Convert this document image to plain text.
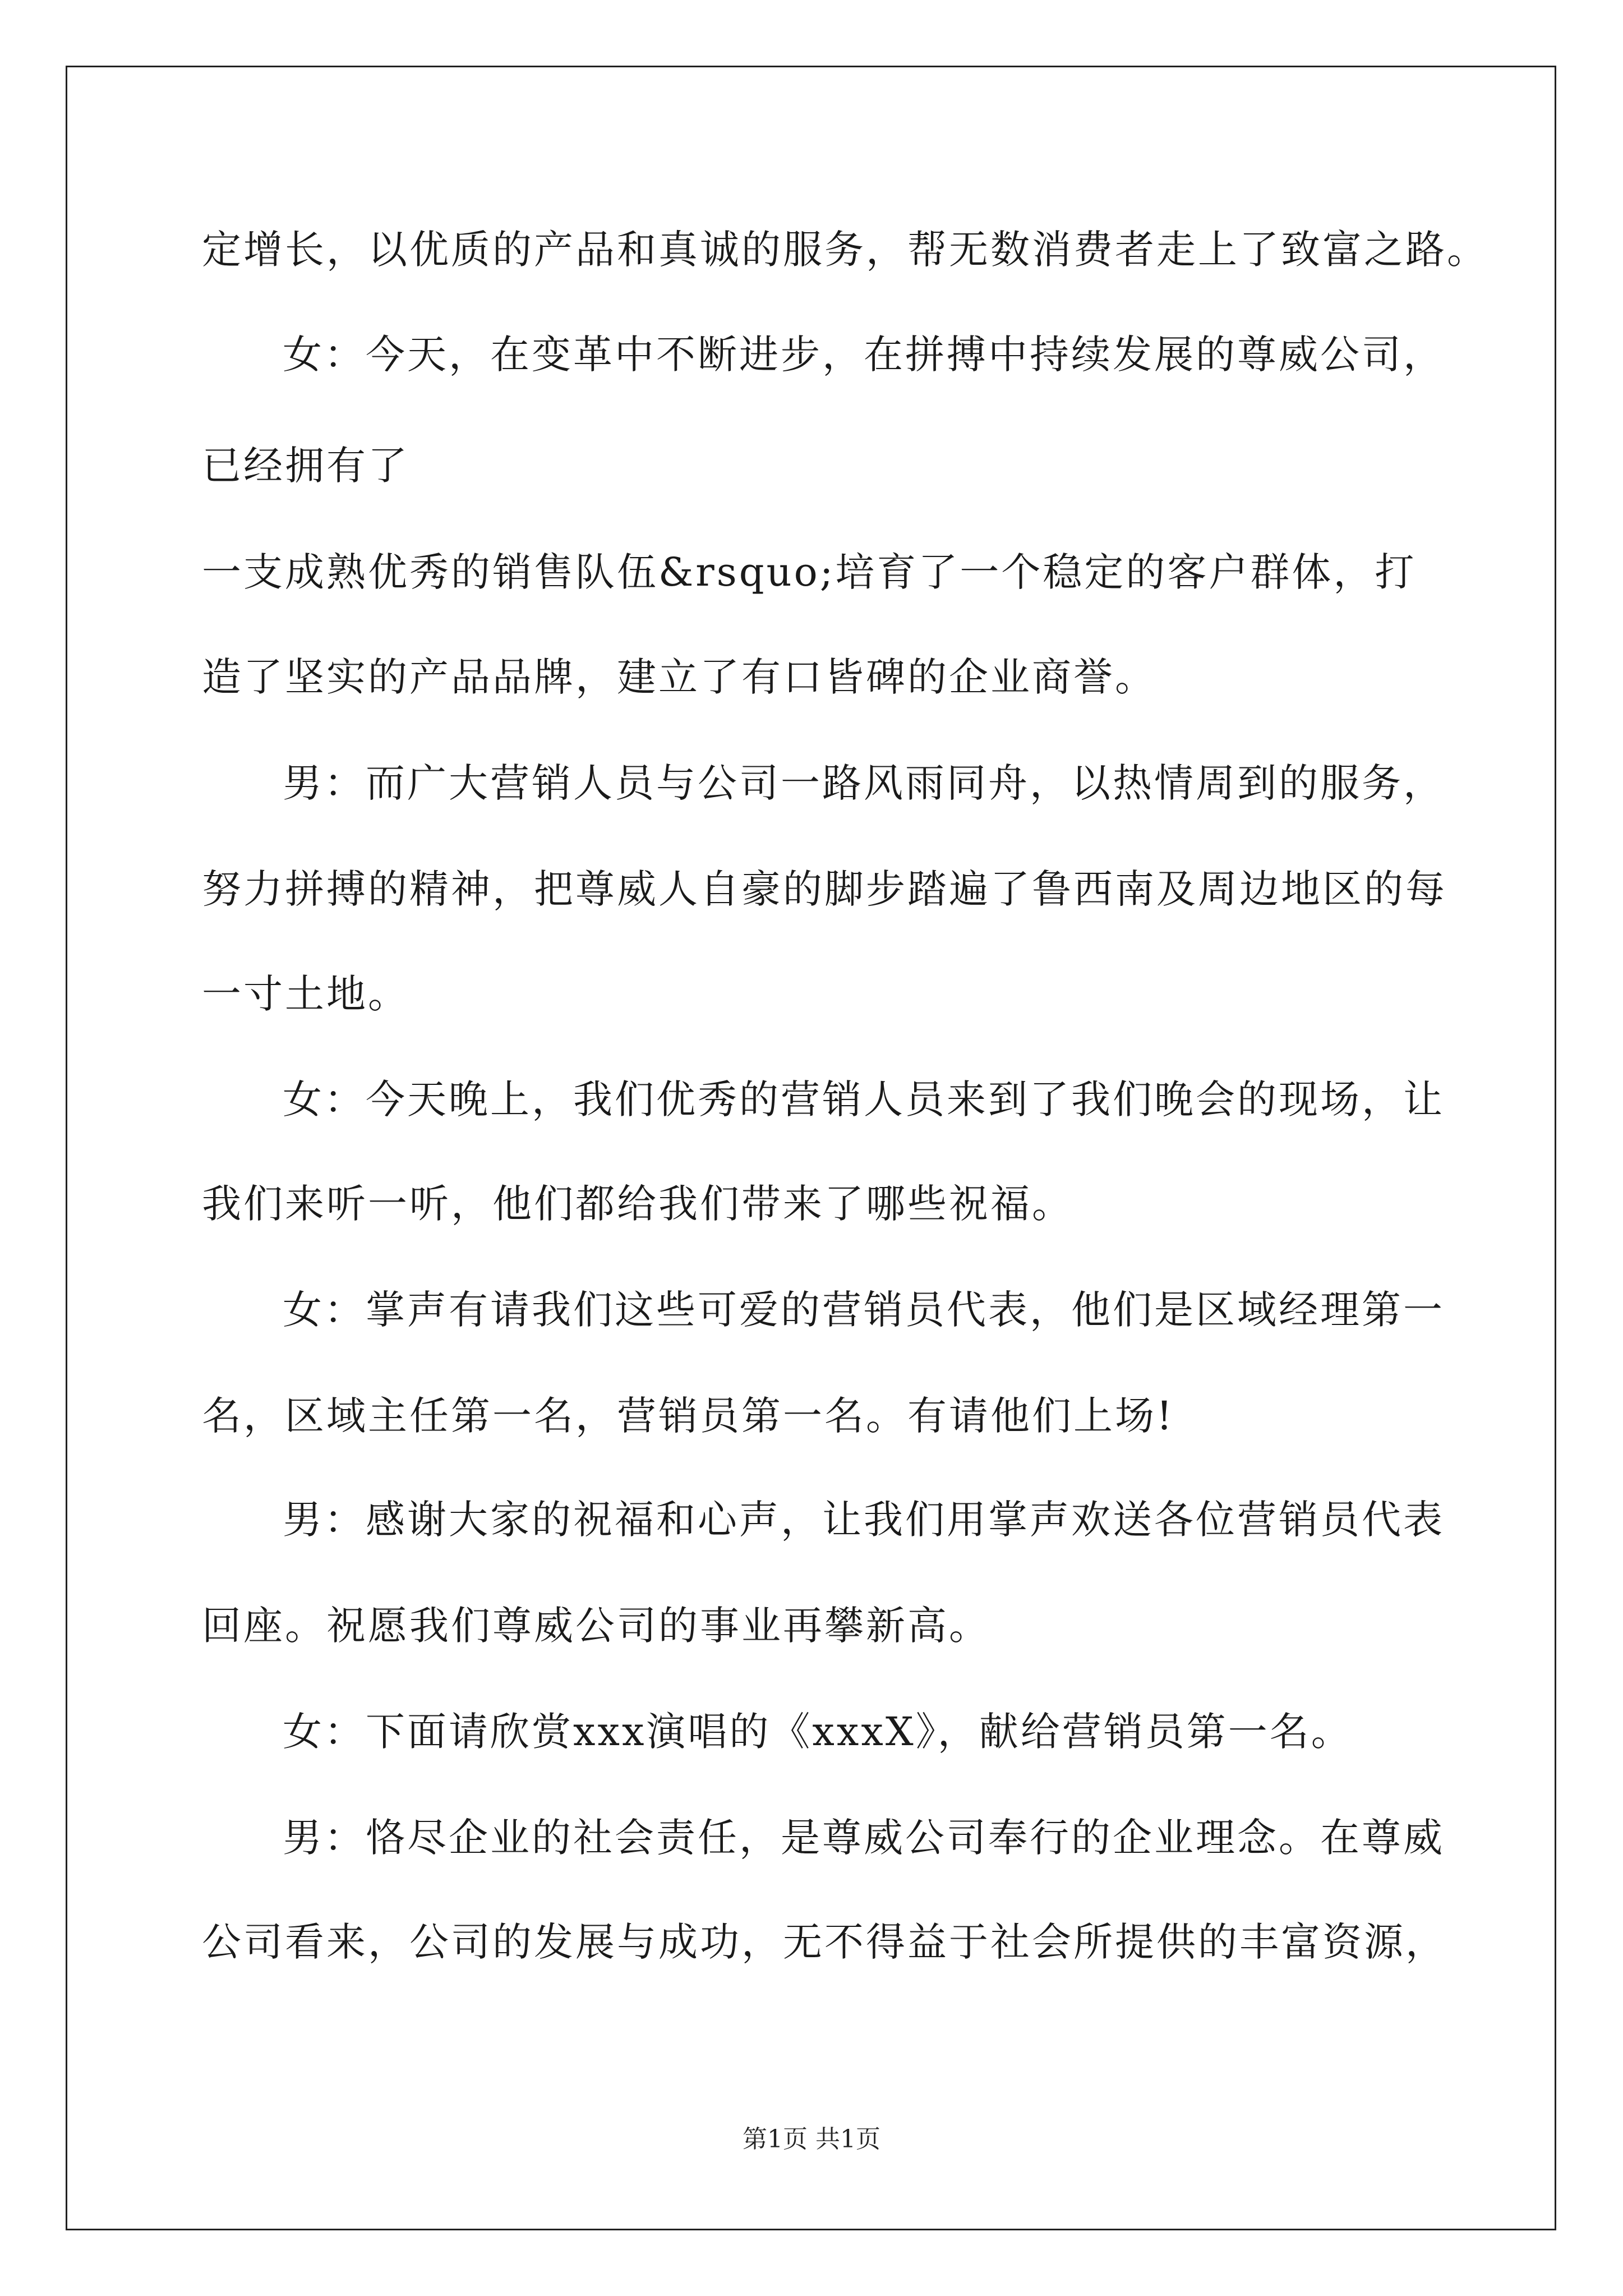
定增长，以优质的产品和真诚的服务，帮无数消费者走上了致富之路。
女：今天，在变革中不断进步，在拼搏中持续发展的尊威公司，
已经拥有了
一支成熟优秀的销售队伍&rsquo;培育了一个稳定的客户群体，打
造了坚实的产品品牌，建立了有口皆碑的企业商誉。
男：而广大营销人员与公司一路风雨同舟，以热情周到的服务，
努力拼搏的精神，把尊威人自豪的脚步踏遍了鲁西南及周边地区的每
一寸土地。
女：今天晚上，我们优秀的营销人员来到了我们晚会的现场，让
我们来听一听，他们都给我们带来了哪些祝福。
女：掌声有请我们这些可爱的营销员代表，他们是区域经理第一
名，区域主任第一名，营销员第一名。有请他们上场!
男：感谢大家的祝福和心声，让我们用掌声欢送各位营销员代表
回座。祝愿我们尊威公司的事业再攀新高。
女：下面请欣赏xxx演唱的《xxxX》，献给营销员第一名。
男：恪尽企业的社会责任，是尊威公司奉行的企业理念。在尊威
公司看来，公司的发展与成功，无不得益于社会所提供的丰富资源，
第1页 共1页
